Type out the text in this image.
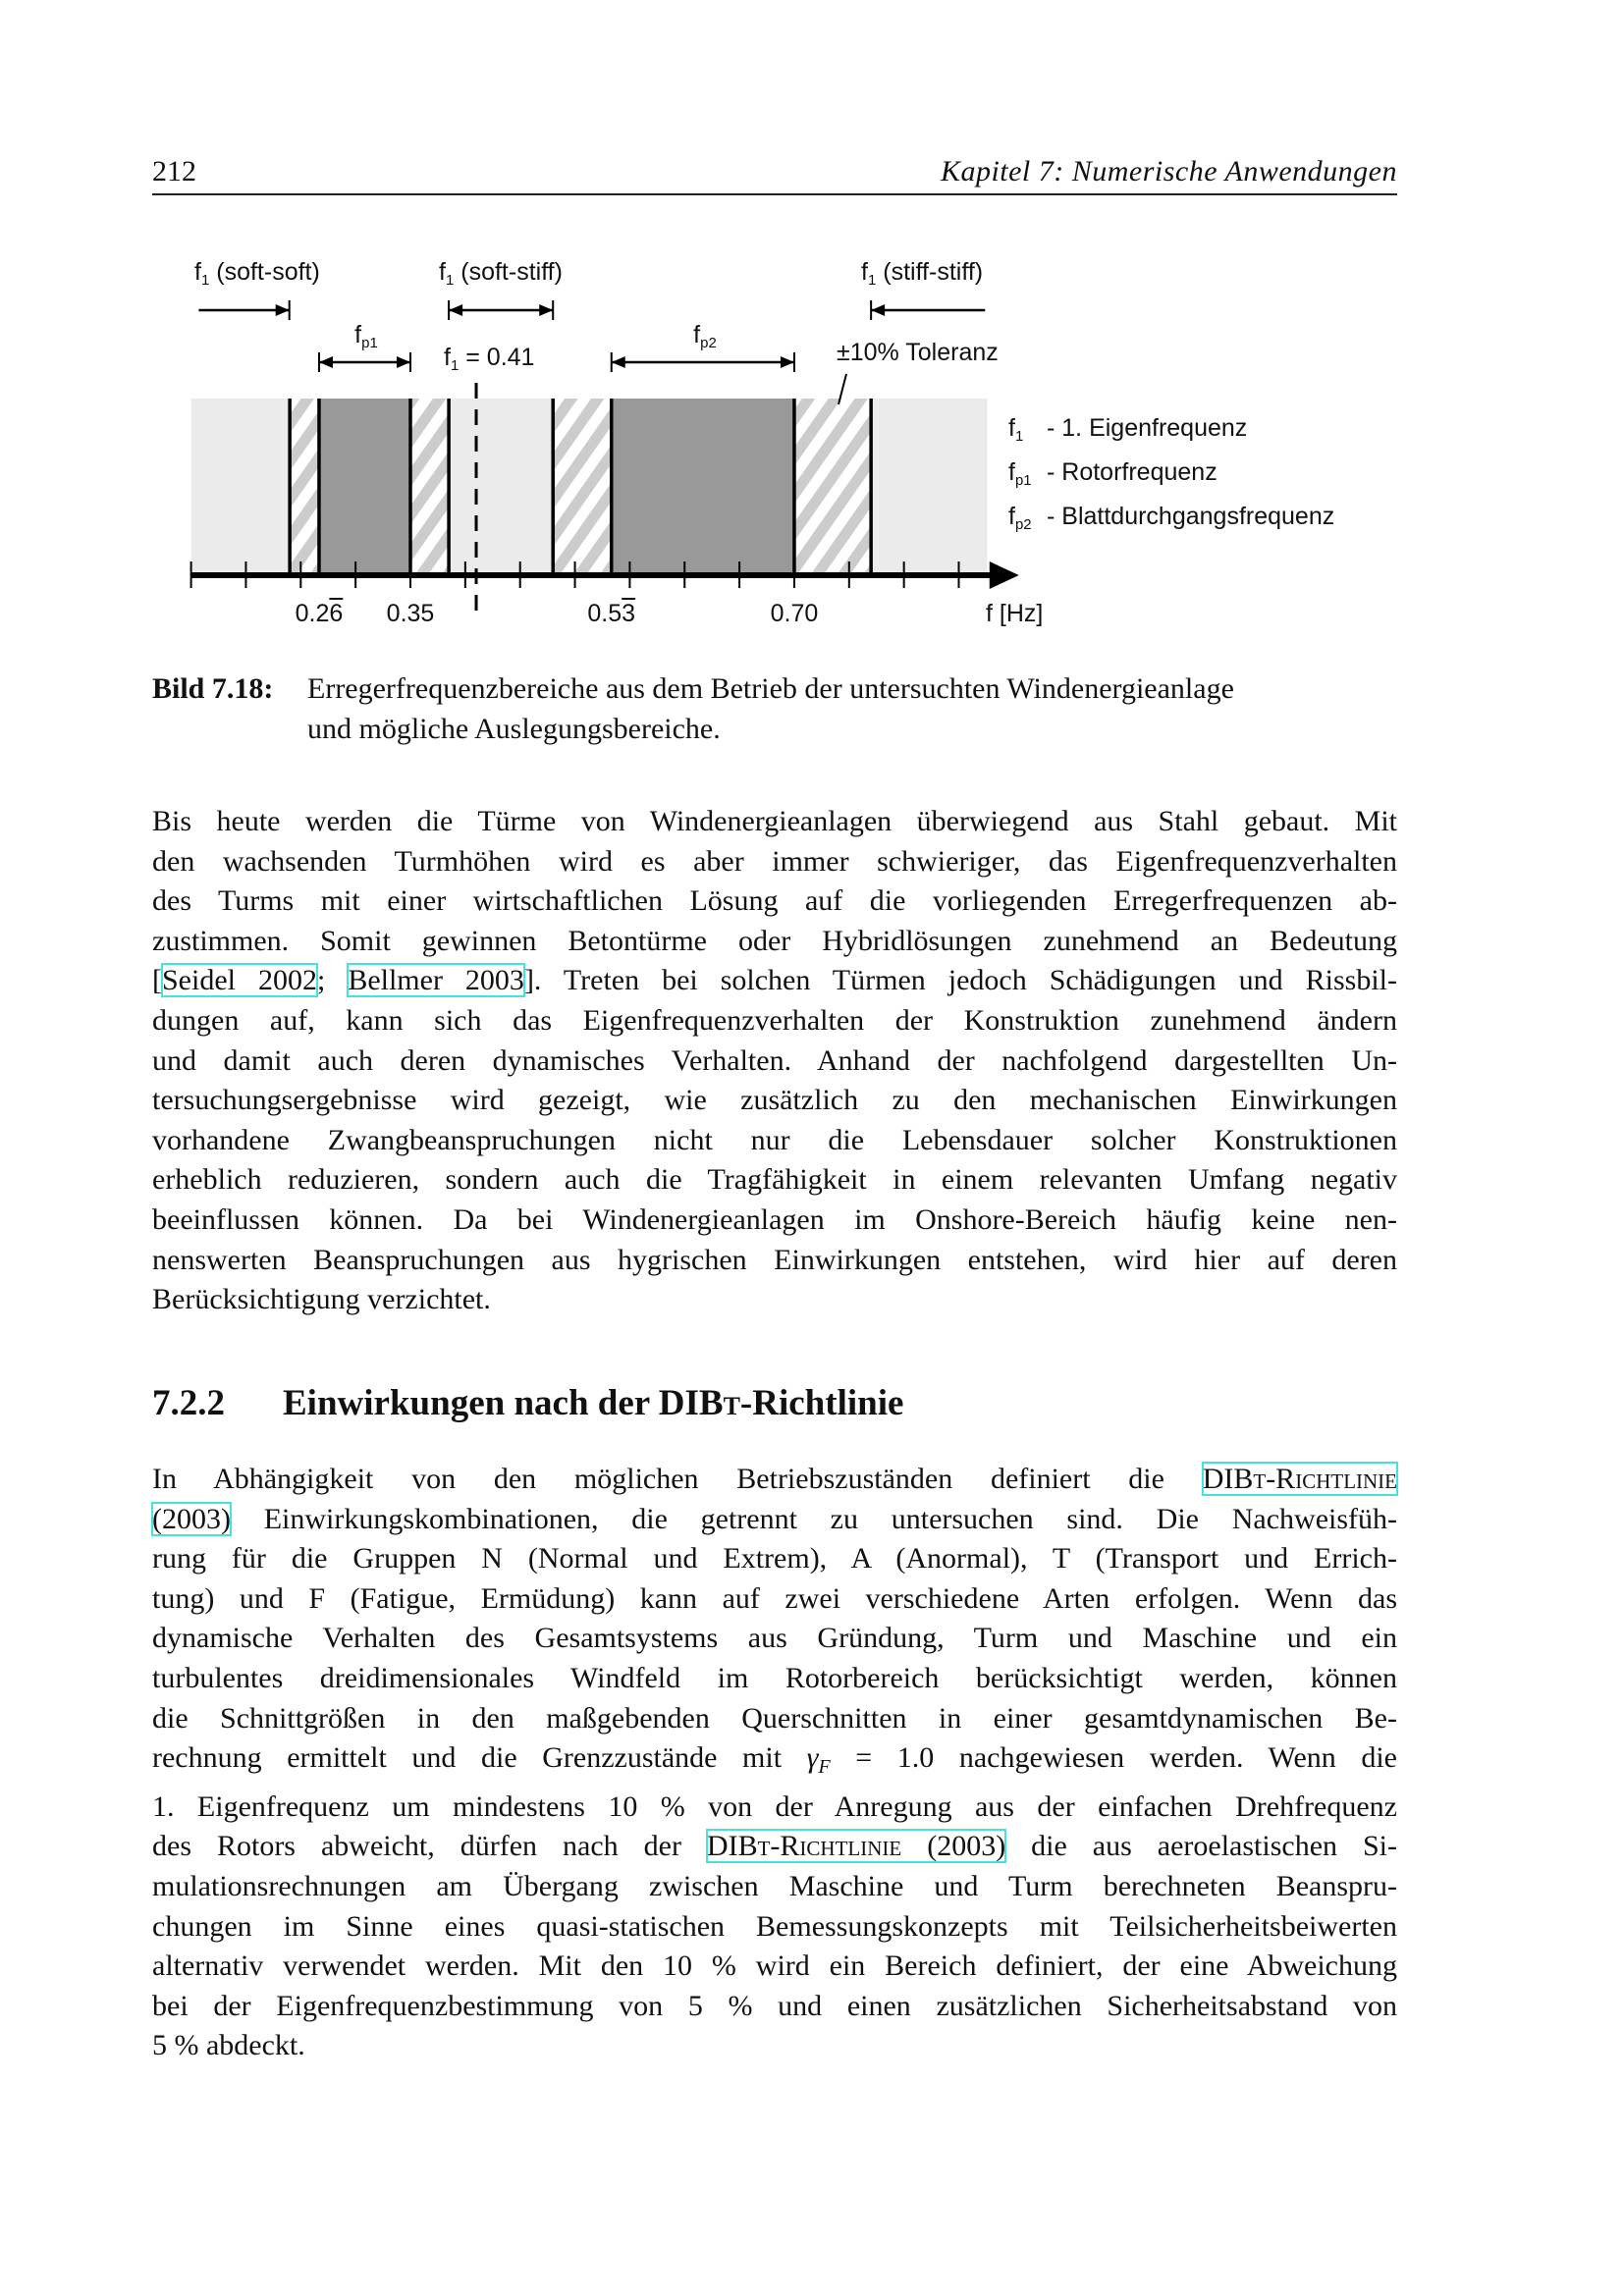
212	Kapitel 7: Numerische Anwendungen
$f_1$ (soft-soft)	$f_1$ (soft-stiff)	$f_1$ (stiff-stiff)
$f_{p1}$	$f_{p2}$
$f_1 = 0.41$	±10% Toleranz
0.26 0.35	0.53	0.70	f [Hz]
$f_1 - 1$. Eigenfrequenz
$f_{p1}$ - Rotorfrequenz
$f_{p2}$ - Blattdurchgangsfrequenz
Bild 7.18: Erregerfrequenzbereiche aus dem Betrieb der untersuchten Windenergieanlage
und mögliche Auslegungsbereiche.
Bis heute werden die Türme von Windenergieanlagen überwiegend aus Stahl gebaut. Mit
den wachsenden Turmhöhen wird es aber immer schwieriger, das Eigenfrequenzverhalten
des Turms mit einer wirtschaftlichen Lösung auf die vorliegenden Erregerfrequenzen ab-
zustimmen. Somit gewinnen Betontürme oder Hybridlösungen zunehmend an Bedeutung
[Seidel 2002; Bellmer 2003]. Treten bei solchen Türmen jedoch Schädigungen und Rissbil-
dungen auf, kann sich das Eigenfrequenzverhalten der Konstruktion zunehmend ändern
und damit auch deren dynamisches Verhalten. Anhand der nachfolgend dargestellten Un-
tersuchungsergebnisse wird gezeigt, wie zusätzlich zu den mechanischen Einwirkungen
vorhandene Zwangbeanspruchungen nicht nur die Lebensdauer solcher Konstruktionen
erheblich reduzieren, sondern auch die Tragfähigkeit in einem relevanten Umfang negativ
beeinflussen können. Da bei Windenergieanlagen im Onshore-Bereich häufig keine nen-
nenswerten Beanspruchungen aus hygrischen Einwirkungen entstehen, wird hier auf deren
Berücksichtigung verzichtet.
7.2.2 Einwirkungen nach der DIBt-Richtlinie
In Abhängigkeit von den möglichen Betriebszuständen definiert die DIBt-Richtlinie
(2003) Einwirkungskombinationen, die getrennt zu untersuchen sind. Die Nachweisfüh-
rung für die Gruppen N (Normal und Extrem), A (Anormal), T (Transport und Errich-
tung) und F (Fatigue, Ermüdung) kann auf zwei verschiedene Arten erfolgen. Wenn das
dynamische Verhalten des Gesamtsystems aus Gründung, Turm und Maschine und ein
turbulentes dreidimensionales Windfeld im Rotorbereich berücksichtigt werden, können
die Schnittgrößen in den maßgebenden Querschnitten in einer gesamtdynamischen Be-
rechnung ermittelt und die Grenzzustände mit $\gamma_F = 1.0$ nachgewiesen werden. Wenn die
1. Eigenfrequenz um mindestens 10 % von der Anregung aus der einfachen Drehfrequenz
des Rotors abweicht, dürfen nach der DIBt-Richtlinie (2003) die aus aeroelastischen Si-
mulationsrechnungen am Übergang zwischen Maschine und Turm berechneten Beanspru-
chungen im Sinne eines quasi-statischen Bemessungskonzepts mit Teilsicherheitsbeiwerten
alternativ verwendet werden. Mit den 10 % wird ein Bereich definiert, der eine Abweichung
bei der Eigenfrequenzbestimmung von 5 % und einen zusätzlichen Sicherheitsabstand von
5 % abdeckt.
